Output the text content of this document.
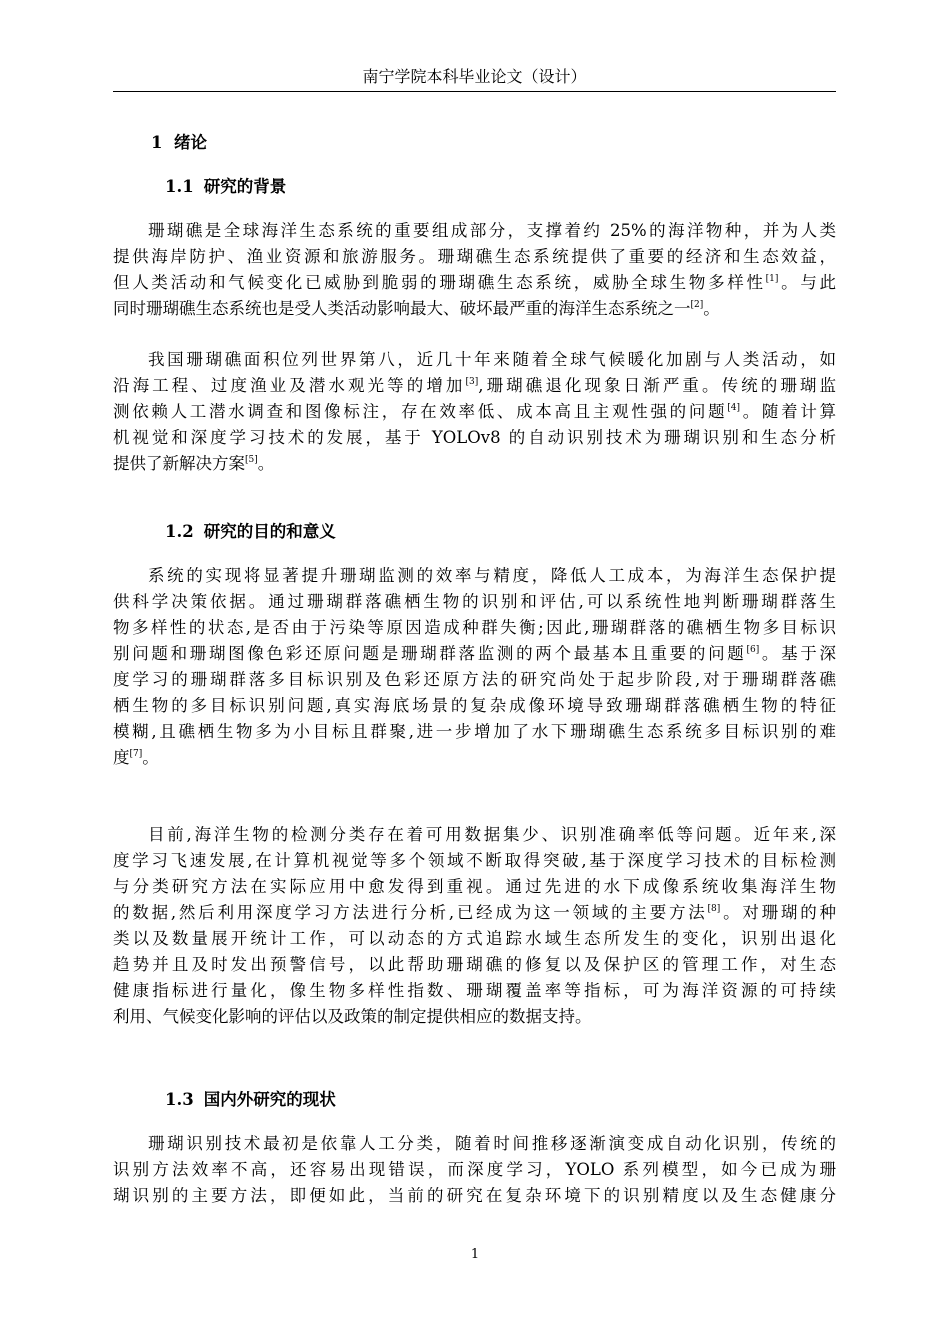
南宁学院本科毕业论文（设计）
1 绪论
1.1 研究的背景
珊瑚礁是全球海洋生态系统的重要组成部分，支撑着约 25%的海洋物种，并为人类
提供海岸防护、渔业资源和旅游服务。珊瑚礁生态系统提供了重要的经济和生态效益，
但人类活动和气候变化已威胁到脆弱的珊瑚礁生态系统，威胁全球生物多样性[1]。与此
同时珊瑚礁生态系统也是受人类活动影响最大、破坏最严重的海洋生态系统之一[2]。
我国珊瑚礁面积位列世界第八，近几十年来随着全球气候暖化加剧与人类活动，如
沿海工程、过度渔业及潜水观光等的增加[3],珊瑚礁退化现象日渐严重。传统的珊瑚监
测依赖人工潜水调查和图像标注，存在效率低、成本高且主观性强的问题[4]。随着计算
机视觉和深度学习技术的发展，基于 YOLOv8 的自动识别技术为珊瑚识别和生态分析
提供了新解决方案[5]。
1.2 研究的目的和意义
系统的实现将显著提升珊瑚监测的效率与精度，降低人工成本，为海洋生态保护提
供科学决策依据。通过珊瑚群落礁栖生物的识别和评估,可以系统性地判断珊瑚群落生
物多样性的状态,是否由于污染等原因造成种群失衡;因此,珊瑚群落的礁栖生物多目标识
别问题和珊瑚图像色彩还原问题是珊瑚群落监测的两个最基本且重要的问题[6]。基于深
度学习的珊瑚群落多目标识别及色彩还原方法的研究尚处于起步阶段,对于珊瑚群落礁
栖生物的多目标识别问题,真实海底场景的复杂成像环境导致珊瑚群落礁栖生物的特征
模糊,且礁栖生物多为小目标且群聚,进一步增加了水下珊瑚礁生态系统多目标识别的难
度[7]。
目前,海洋生物的检测分类存在着可用数据集少、识别准确率低等问题。近年来,深
度学习飞速发展,在计算机视觉等多个领域不断取得突破,基于深度学习技术的目标检测
与分类研究方法在实际应用中愈发得到重视。通过先进的水下成像系统收集海洋生物
的数据,然后利用深度学习方法进行分析,已经成为这一领域的主要方法[8]。对珊瑚的种
类以及数量展开统计工作，可以动态的方式追踪水域生态所发生的变化，识别出退化
趋势并且及时发出预警信号，以此帮助珊瑚礁的修复以及保护区的管理工作，对生态
健康指标进行量化，像生物多样性指数、珊瑚覆盖率等指标，可为海洋资源的可持续
利用、气候变化影响的评估以及政策的制定提供相应的数据支持。
1.3 国内外研究的现状
珊瑚识别技术最初是依靠人工分类，随着时间推移逐渐演变成自动化识别，传统的
识别方法效率不高，还容易出现错误，而深度学习，YOLO 系列模型，如今已成为珊
瑚识别的主要方法，即便如此，当前的研究在复杂环境下的识别精度以及生态健康分
1
